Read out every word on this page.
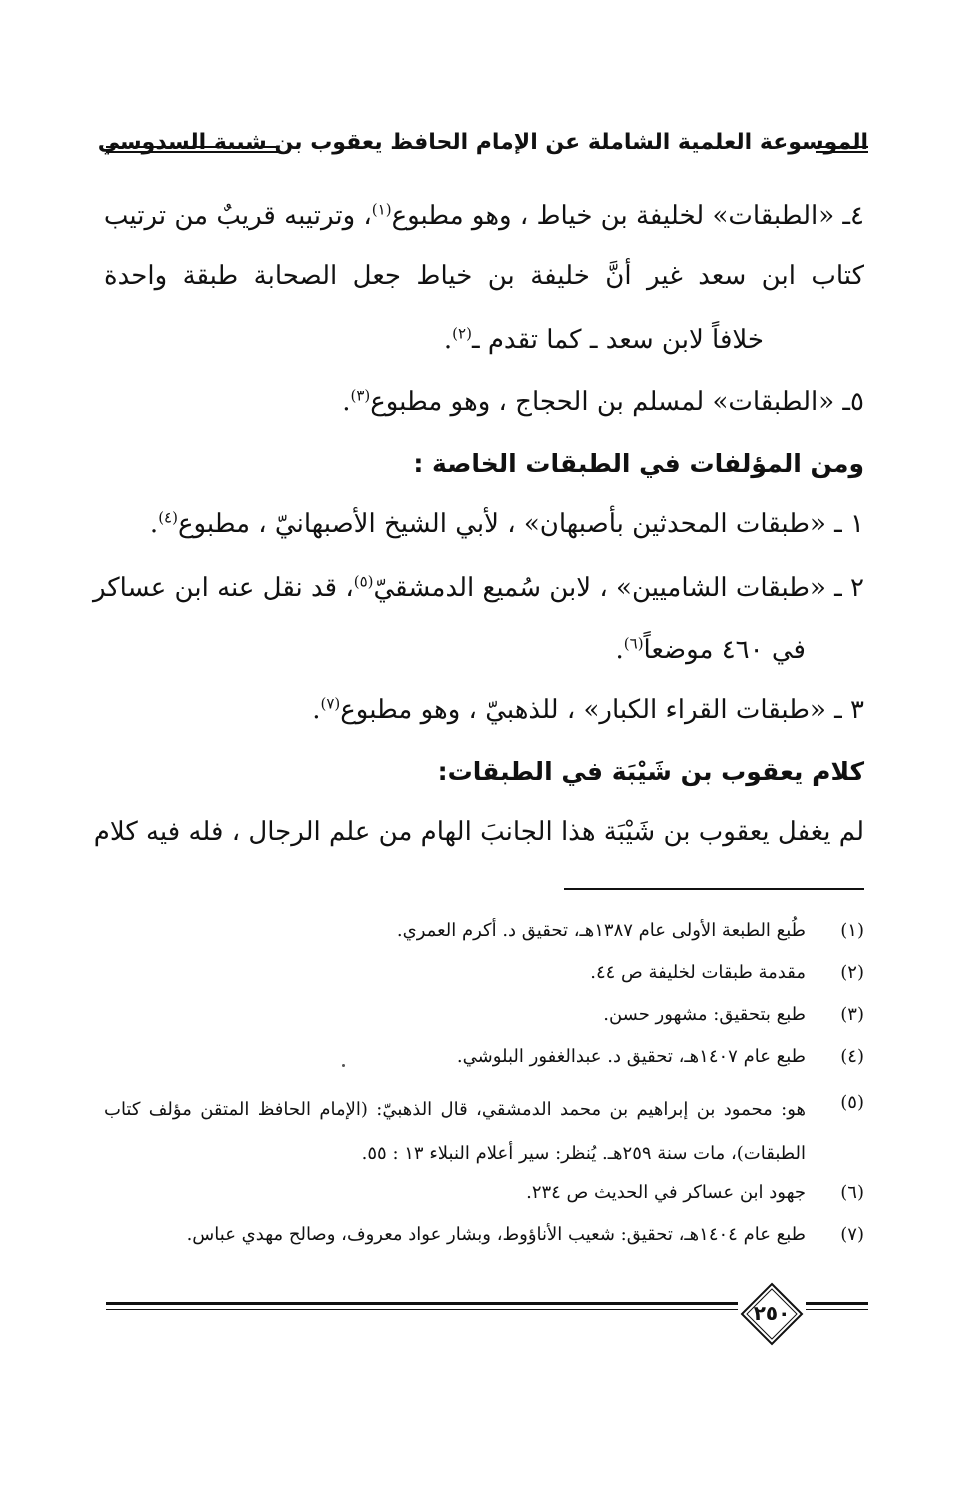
الموسوعة العلمية الشاملة عن الإمام الحافظ يعقوب بن شيبة السدوسي
٤ـ «الطبقات» لخليفة بن خياط ، وهو مطبوع$^{(١)}$، وترتيبه قريبٌ من ترتيب
كتاب ابن سعد غير أنَّ خليفة بن خياط جعل الصحابة طبقة واحدة
خلافاً لابن سعد ـ كما تقدم ـ$^{(٢)}$.
٥ـ «الطبقات» لمسلم بن الحجاج ، وهو مطبوع$^{(٣)}$.
ومن المؤلفات في الطبقات الخاصة :
١ ـ «طبقات المحدثين بأصبهان» ، لأبي الشيخ الأصبهانيّ ، مطبوع$^{(٤)}$.
٢ ـ «طبقات الشاميين» ، لابن سُميع الدمشقيّ$^{(٥)}$، قد نقل عنه ابن عساكر
في ٤٦٠ موضعاً$^{(٦)}$.
٣ ـ «طبقات القراء الكبار» ، للذهبيّ ، وهو مطبوع$^{(٧)}$.
كلام يعقوب بن شَيْبَة في الطبقات:
لم يغفل يعقوب بن شَيْبَة هذا الجانبَ الهام من علم الرجال ، فله فيه كلام
(١)
طُبع الطبعة الأولى عام ١٣٨٧هـ، تحقيق د. أكرم العمري.
(٢)
مقدمة طبقات لخليفة ص ٤٤.
(٣)
طبع بتحقيق: مشهور حسن.
(٤)
طبع عام ١٤٠٧هـ، تحقيق د. عبدالغفور البلوشي.
(٥)
هو: محمود بن إبراهيم بن محمد الدمشقي، قال الذهبيّ: (الإمام الحافظ المتقن مؤلف كتاب الطبقات)، مات سنة ٢٥٩هـ. يُنظر: سير أعلام النبلاء ١٣ : ٥٥.
(٦)
جهود ابن عساكر في الحديث ص ٢٣٤.
(٧)
طبع عام ١٤٠٤هـ، تحقيق: شعيب الأناؤوط، وبشار عواد معروف، وصالح مهدي عباس.
٢٥٠
